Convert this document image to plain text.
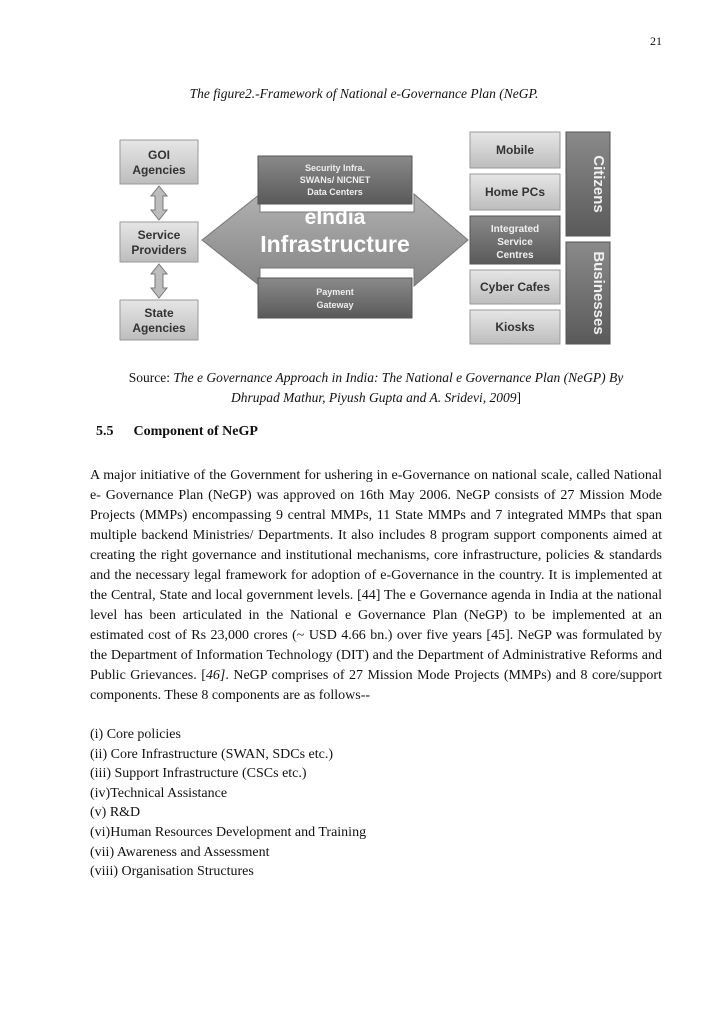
21
The figure2.-Framework of National e-Governance Plan (NeGP.
GOI
Agencies
Service
Providers
State
Agencies
Security Infra.
SWANs/ NICNET
Data Centers
eIndia
Infrastructure
Payment
Gateway
Mobile
Home PCs
Integrated
Service
Centres
Cyber Cafes
Kiosks
Citizens
Businesses
Source: The e Governance Approach in India: The National e Governance Plan (NeGP) By
Dhrupad Mathur, Piyush Gupta and A. Sridevi, 2009]
5.5 Component of NeGP

A major initiative of the Government for ushering in e-Governance on national scale, called National e- Governance Plan (NeGP) was approved on 16th May 2006. NeGP consists of 27 Mission Mode Projects (MMPs) encompassing 9 central MMPs, 11 State MMPs and 7 integrated MMPs that span multiple backend Ministries/ Departments. It also includes 8 program support components aimed at creating the right governance and institutional mechanisms, core infrastructure, policies & standards and the necessary legal framework for adoption of e-Governance in the country. It is implemented at the Central, State and local government levels. [44] The e Governance agenda in India at the national level has been articulated in the National e Governance Plan (NeGP) to be implemented at an estimated cost of Rs 23,000 crores (~ USD 4.66 bn.) over five years [45]. NeGP was formulated by the Department of Information Technology (DIT) and the Department of Administrative Reforms and Public Grievances. [46]. NeGP comprises of 27 Mission Mode Projects (MMPs) and 8 core/support components. These 8 components are as follows--

(i) Core policies
(ii) Core Infrastructure (SWAN, SDCs etc.)
(iii) Support Infrastructure (CSCs etc.)
(iv)Technical Assistance
(v) R&D
(vi)Human Resources Development and Training
(vii) Awareness and Assessment
(viii) Organisation Structures
